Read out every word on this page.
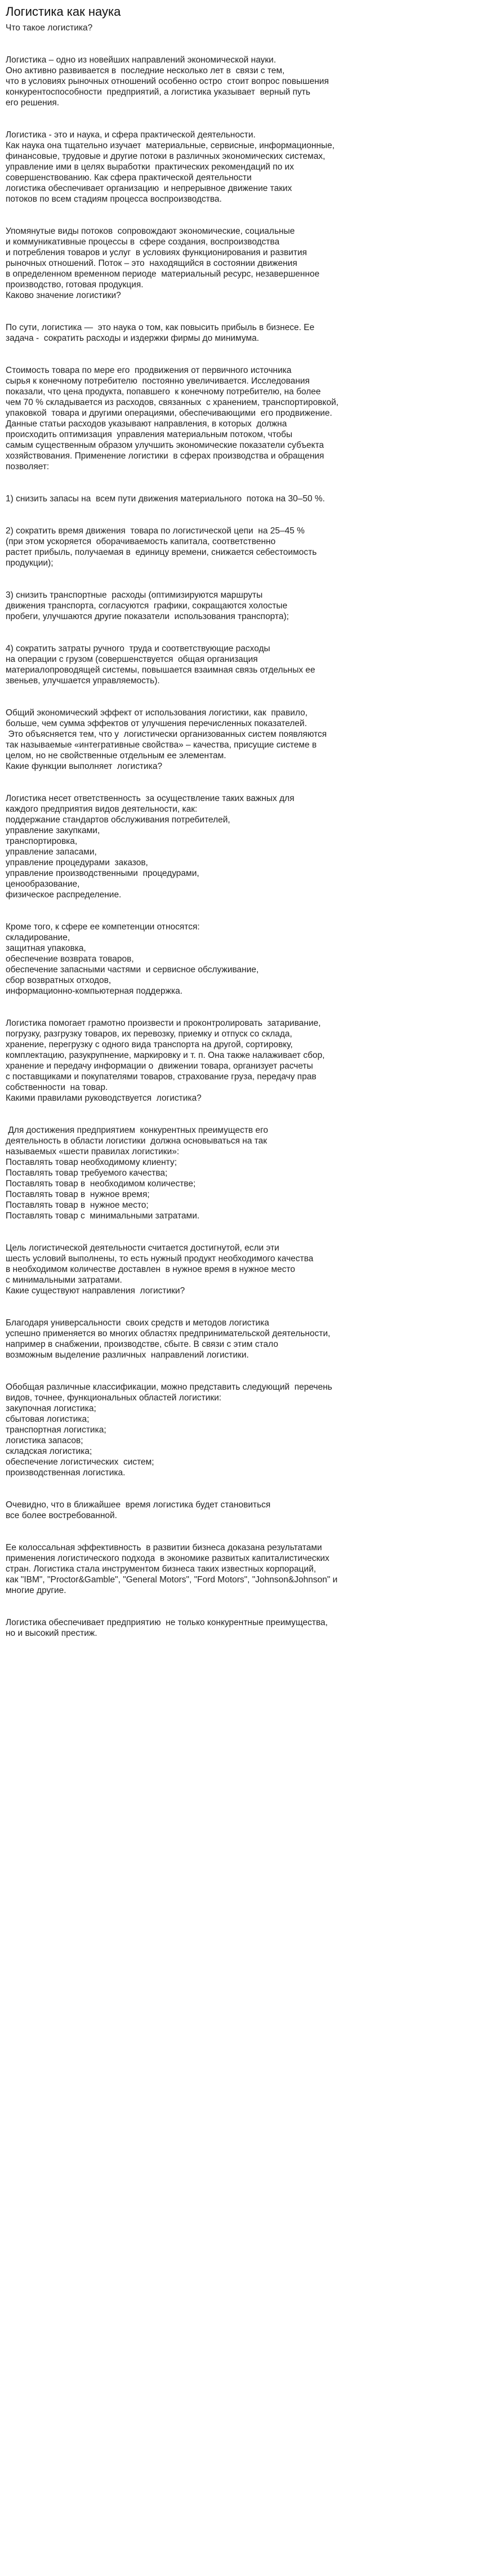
Логистика как наука
Что такое логистика?
Логистика – одно из новейших направлений экономической науки.
Оно активно развивается в  последние несколько лет в  связи с тем,
что в условиях рыночных отношений особенно остро  стоит вопрос повышения
конкурентоспособности  предприятий, а логистика указывает  верный путь
его решения.
Логистика - это и наука, и сфера практической деятельности.
Как наука она тщательно изучает  материальные, сервисные, информационные,
финансовые, трудовые и другие потоки в различных экономических системах,
управление ими в целях выработки  практических рекомендаций по их
совершенствованию. Как сфера практической деятельности
логистика обеспечивает организацию  и непрерывное движение таких
потоков по всем стадиям процесса воспроизводства.
Упомянутые виды потоков  сопровождают экономические, социальные
и коммуникативные процессы в  сфере создания, воспроизводства
и потребления товаров и услуг  в условиях функционирования и развития
рыночных отношений. Поток – это  находящийся в состоянии движения
в определенном временном периоде  материальный ресурс, незавершенное
производство, готовая продукция.
Каково значение логистики?
По сути, логистика —  это наука о том, как повысить прибыль в бизнесе. Ее
задача -  сократить расходы и издержки фирмы до минимума.
Стоимость товара по мере его  продвижения от первичного источника
сырья к конечному потребителю  постоянно увеличивается. Исследования
показали, что цена продукта, попавшего  к конечному потребителю, на более
чем 70 % складывается из расходов, связанных  с хранением, транспортировкой,
упаковкой  товара и другими операциями, обеспечивающими  его продвижение.
Данные статьи расходов указывают направления, в которых  должна
происходить оптимизация  управления материальным потоком, чтобы
самым существенным образом улучшить экономические показатели субъекта
хозяйствования. Применение логистики  в сферах производства и обращения
позволяет:
1) снизить запасы на  всем пути движения материального  потока на 30–50 %.
2) сократить время движения  товара по логистической цепи  на 25–45 %
(при этом ускоряется  оборачиваемость капитала, соответственно
растет прибыль, получаемая в  единицу времени, снижается себестоимость
продукции);
3) снизить транспортные  расходы (оптимизируются маршруты
движения транспорта, согласуются  графики, сокращаются холостые
пробеги, улучшаются другие показатели  использования транспорта);
4) сократить затраты ручного  труда и соответствующие расходы
на операции с грузом (совершенствуется  общая организация
материалопроводящей системы, повышается взаимная связь отдельных ее
звеньев, улучшается управляемость).
Общий экономический эффект от использования логистики, как  правило,
больше, чем сумма эффектов от улучшения перечисленных показателей.
Это объясняется тем, что у  логистически организованных систем появляются
так называемые «интегративные свойства» – качества, присущие системе в
целом, но не свойственные отдельным ее элементам.
Какие функции выполняет  логистика?
Логистика несет ответственность  за осуществление таких важных для
каждого предприятия видов деятельности, как:
поддержание стандартов обслуживания потребителей,
управление закупками,
транспортировка,
управление запасами,
управление процедурами  заказов,
управление производственными  процедурами,
ценообразование,
физическое распределение.
Кроме того, к сфере ее компетенции относятся:
складирование,
защитная упаковка,
обеспечение возврата товаров,
обеспечение запасными частями  и сервисное обслуживание,
сбор возвратных отходов,
информационно-компьютерная поддержка.
Логистика помогает грамотно произвести и проконтролировать  затаривание,
погрузку, разгрузку товаров, их перевозку, приемку и отпуск со склада,
хранение, перегрузку с одного вида транспорта на другой, сортировку,
комплектацию, разукрупнение, маркировку и т. п. Она также налаживает сбор,
хранение и передачу информации о  движении товара, организует расчеты
с поставщиками и покупателями товаров, страхование груза, передачу прав
собственности  на товар.
Какими правилами руководствуется  логистика?
Для достижения предприятием  конкурентных преимуществ его
деятельность в области логистики  должна основываться на так
называемых «шести правилах логистики»:
Поставлять товар необходимому клиенту;
Поставлять товар требуемого качества;
Поставлять товар в  необходимом количестве;
Поставлять товар в  нужное время;
Поставлять товар в  нужное место;
Поставлять товар с  минимальными затратами.
Цель логистической деятельности считается достигнутой, если эти
шесть условий выполнены, то есть нужный продукт необходимого качества
в необходимом количестве доставлен  в нужное время в нужное место
с минимальными затратами.
Какие существуют направления  логистики?
Благодаря универсальности  своих средств и методов логистика
успешно применяется во многих областях предпринимательской деятельности,
например в снабжении, производстве, сбыте. В связи с этим стало
возможным выделение различных  направлений логистики.
Обобщая различные классификации, можно представить следующий  перечень
видов, точнее, функциональных областей логистики:
закупочная логистика;
сбытовая логистика;
транспортная логистика;
логистика запасов;
складская логистика;
обеспечение логистических  систем;
производственная логистика.
Очевидно, что в ближайшее  время логистика будет становиться
все более востребованной.
Ее колоссальная эффективность  в развитии бизнеса доказана результатами
применения логистического подхода  в экономике развитых капиталистических
стран. Логистика стала инструментом бизнеса таких известных корпораций,
как "IBM", "Proctor&Gamble", "General Motors", "Ford Motors", "Johnson&Johnson" и
многие другие.
Логистика обеспечивает предприятию  не только конкурентные преимущества,
но и высокий престиж.
